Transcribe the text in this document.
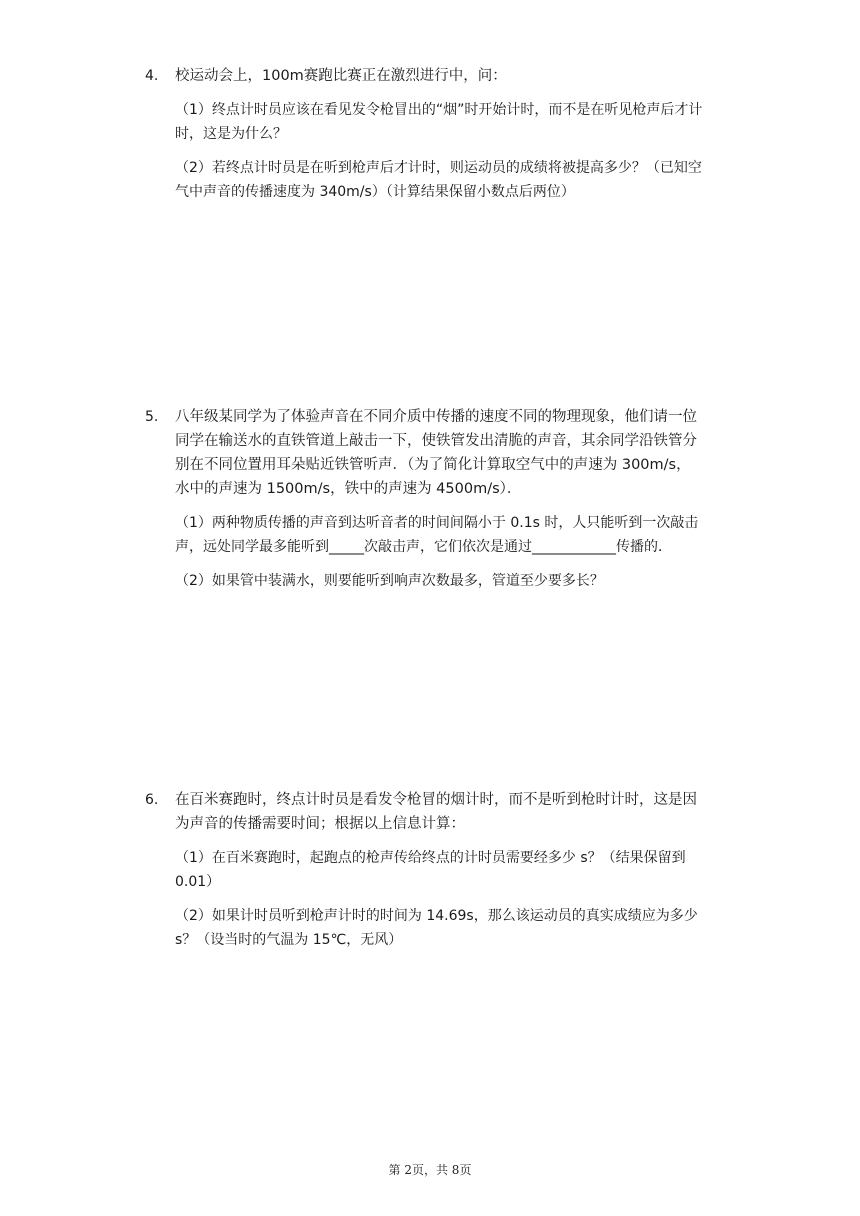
4. 校运动会上，100m赛跑比赛正在激烈进行中，问：
（1）终点计时员应该在看见发令枪冒出的“烟”时开始计时，而不是在听见枪声后才计时，这是为什么？
（2）若终点计时员是在听到枪声后才计时，则运动员的成绩将被提高多少？（已知空气中声音的传播速度为 340m/s）（计算结果保留小数点后两位）
5. 八年级某同学为了体验声音在不同介质中传播的速度不同的物理现象，他们请一位同学在输送水的直铁管道上敲击一下，使铁管发出清脆的声音，其余同学沿铁管分别在不同位置用耳朵贴近铁管听声．（为了简化计算取空气中的声速为 300m/s，水中的声速为 1500m/s，铁中的声速为 4500m/s）．
（1）两种物质传播的声音到达听音者的时间间隔小于 0.1s 时，人只能听到一次敲击声，远处同学最多能听到_____次敲击声，它们依次是通过____________传播的．
（2）如果管中装满水，则要能听到响声次数最多，管道至少要多长？
6. 在百米赛跑时，终点计时员是看发令枪冒的烟计时，而不是听到枪时计时，这是因为声音的传播需要时间；根据以上信息计算：
（1）在百米赛跑时，起跑点的枪声传给终点的计时员需要经多少 s？（结果保留到 0.01）
（2）如果计时员听到枪声计时的时间为 14.69s，那么该运动员的真实成绩应为多少 s？（设当时的气温为 15℃，无风）
第 2页，共 8页
